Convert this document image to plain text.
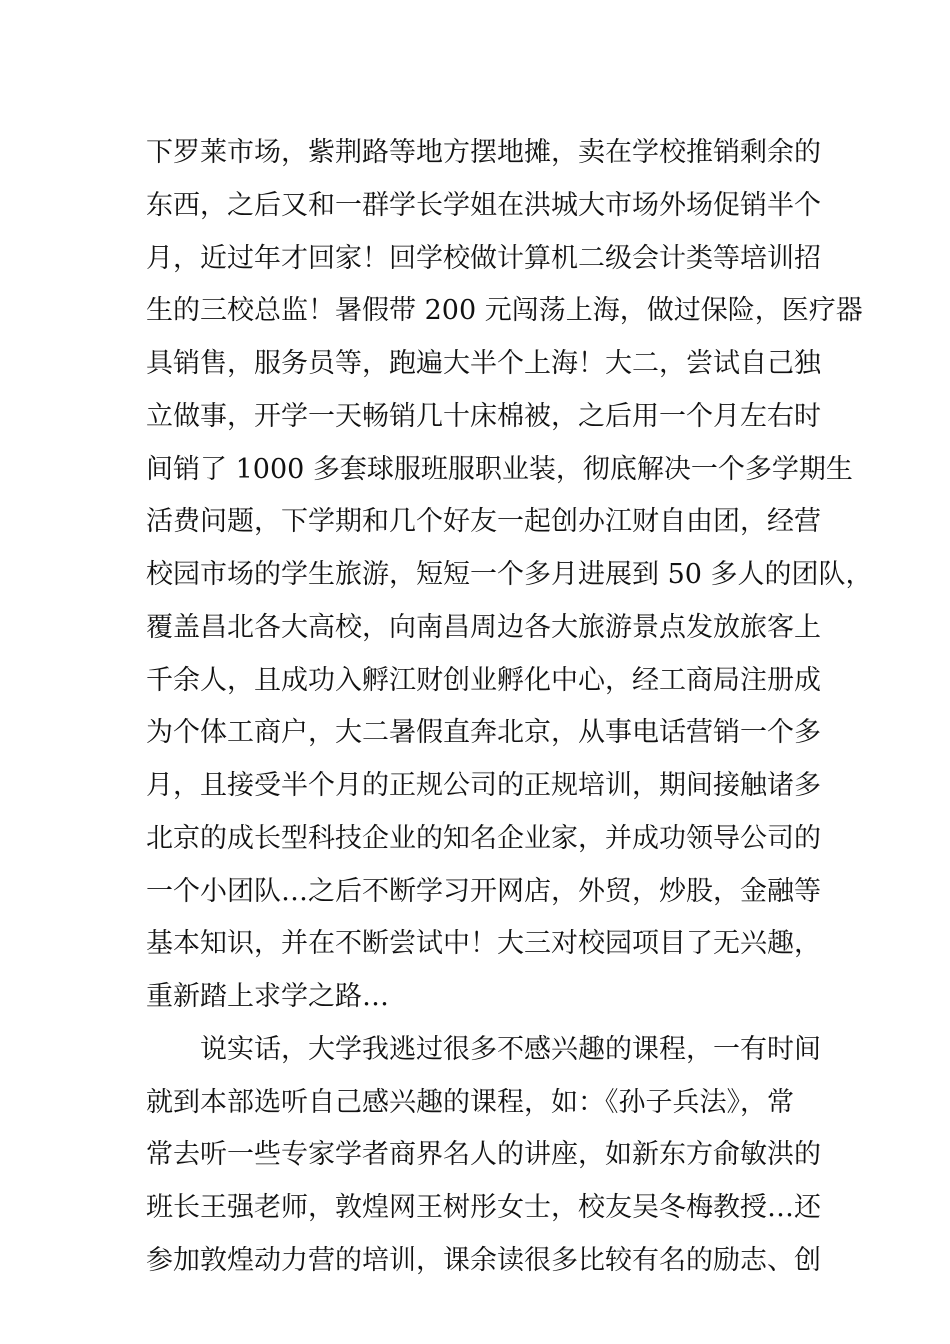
下罗莱市场，紫荆路等地方摆地摊，卖在学校推销剩余的

东西，之后又和一群学长学姐在洪城大市场外场促销半个

月，近过年才回家！回学校做计算机二级会计类等培训招

生的三校总监！暑假带 200 元闯荡上海，做过保险，医疗器

具销售，服务员等，跑遍大半个上海！大二，尝试自己独

立做事，开学一天畅销几十床棉被，之后用一个月左右时

间销了 1000 多套球服班服职业装，彻底解决一个多学期生

活费问题，下学期和几个好友一起创办江财自由团，经营

校园市场的学生旅游，短短一个多月进展到 50 多人的团队，

覆盖昌北各大高校，向南昌周边各大旅游景点发放旅客上

千余人，且成功入孵江财创业孵化中心，经工商局注册成

为个体工商户，大二暑假直奔北京，从事电话营销一个多

月，且接受半个月的正规公司的正规培训，期间接触诸多

北京的成长型科技企业的知名企业家，并成功领导公司的

一个小团队…之后不断学习开网店，外贸，炒股，金融等

基本知识，并在不断尝试中！大三对校园项目了无兴趣，

重新踏上求学之路…

说实话，大学我逃过很多不感兴趣的课程，一有时间

就到本部选听自己感兴趣的课程，如：《孙子兵法》，常

常去听一些专家学者商界名人的讲座，如新东方俞敏洪的

班长王强老师，敦煌网王树彤女士，校友吴冬梅教授…还

参加敦煌动力营的培训，课余读很多比较有名的励志、创
